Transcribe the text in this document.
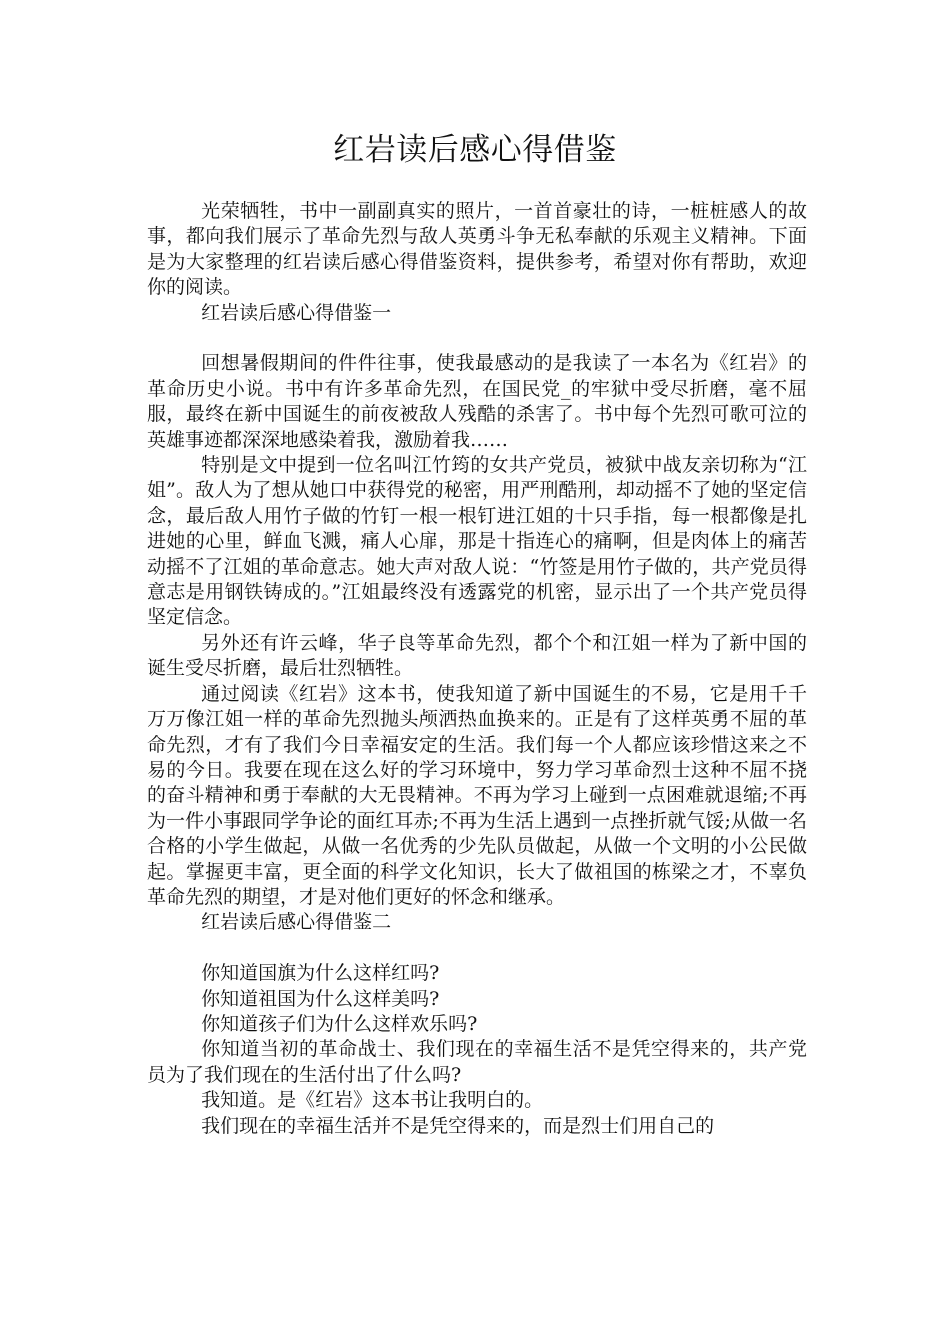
红岩读后感心得借鉴

光荣牺牲，书中一副副真实的照片，一首首豪壮的诗，一桩桩感人的故事，都向我们展示了革命先烈与敌人英勇斗争无私奉献的乐观主义精神。下面是为大家整理的红岩读后感心得借鉴资料，提供参考，希望对你有帮助，欢迎你的阅读。

红岩读后感心得借鉴一

回想暑假期间的件件往事，使我最感动的是我读了一本名为《红岩》的革命历史小说。书中有许多革命先烈，在国民党_的牢狱中受尽折磨，毫不屈服，最终在新中国诞生的前夜被敌人残酷的杀害了。书中每个先烈可歌可泣的英雄事迹都深深地感染着我，激励着我……

特别是文中提到一位名叫江竹筠的女共产党员，被狱中战友亲切称为“江姐”。敌人为了想从她口中获得党的秘密，用严刑酷刑，却动摇不了她的坚定信念，最后敌人用竹子做的竹钉一根一根钉进江姐的十只手指，每一根都像是扎进她的心里，鲜血飞溅，痛人心扉，那是十指连心的痛啊，但是肉体上的痛苦动摇不了江姐的革命意志。她大声对敌人说：“竹签是用竹子做的，共产党员得意志是用钢铁铸成的。”江姐最终没有透露党的机密，显示出了一个共产党员得坚定信念。

另外还有许云峰，华子良等革命先烈，都个个和江姐一样为了新中国的诞生受尽折磨，最后壮烈牺牲。

通过阅读《红岩》这本书，使我知道了新中国诞生的不易，它是用千千万万像江姐一样的革命先烈抛头颅洒热血换来的。正是有了这样英勇不屈的革命先烈，才有了我们今日幸福安定的生活。我们每一个人都应该珍惜这来之不易的今日。我要在现在这么好的学习环境中，努力学习革命烈士这种不屈不挠的奋斗精神和勇于奉献的大无畏精神。不再为学习上碰到一点困难就退缩;不再为一件小事跟同学争论的面红耳赤;不再为生活上遇到一点挫折就气馁;从做一名合格的小学生做起，从做一名优秀的少先队员做起，从做一个文明的小公民做起。掌握更丰富，更全面的科学文化知识，长大了做祖国的栋梁之才，不辜负革命先烈的期望，才是对他们更好的怀念和继承。

红岩读后感心得借鉴二

你知道国旗为什么这样红吗?

你知道祖国为什么这样美吗?

你知道孩子们为什么这样欢乐吗?

你知道当初的革命战士、我们现在的幸福生活不是凭空得来的，共产党员为了我们现在的生活付出了什么吗?

我知道。是《红岩》这本书让我明白的。

我们现在的幸福生活并不是凭空得来的，而是烈士们用自己的
